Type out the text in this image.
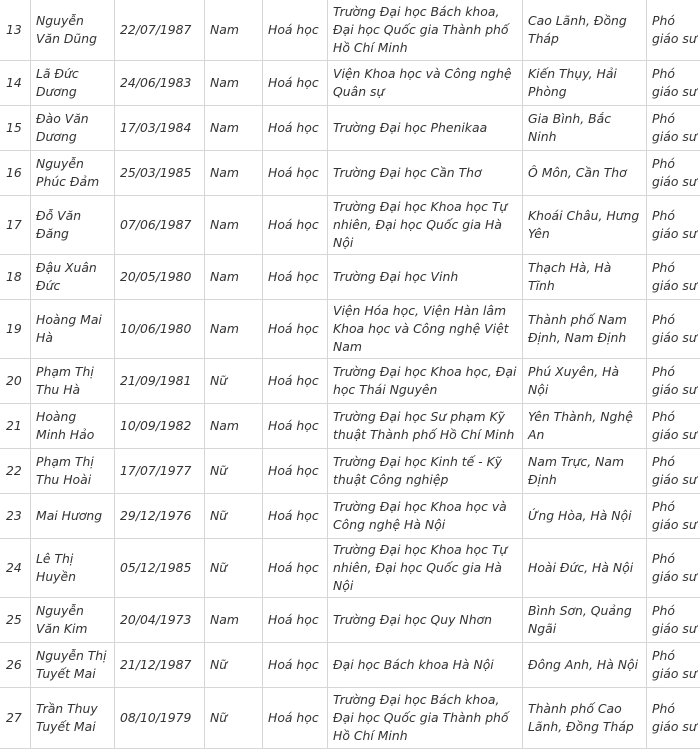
13	Nguyễn Văn Dũng	22/07/1987	Nam	Hoá học	Trường Đại học Bách khoa, Đại học Quốc gia Thành phố Hồ Chí Minh	Cao Lãnh, Đồng Tháp	Phó giáo sư
14	Lã Đức Dương	24/06/1983	Nam	Hoá học	Viện Khoa học và Công nghệ Quân sự	Kiến Thụy, Hải Phòng	Phó giáo sư
15	Đào Văn Dương	17/03/1984	Nam	Hoá học	Trường Đại học Phenikaa	Gia Bình, Bắc Ninh	Phó giáo sư
16	Nguyễn Phúc Đảm	25/03/1985	Nam	Hoá học	Trường Đại học Cần Thơ	Ô Môn, Cần Thơ	Phó giáo sư
17	Đỗ Văn Đăng	07/06/1987	Nam	Hoá học	Trường Đại học Khoa học Tự nhiên, Đại học Quốc gia Hà Nội	Khoái Châu, Hưng Yên	Phó giáo sư
18	Đậu Xuân Đức	20/05/1980	Nam	Hoá học	Trường Đại học Vinh	Thạch Hà, Hà Tĩnh	Phó giáo sư
19	Hoàng Mai Hà	10/06/1980	Nam	Hoá học	Viện Hóa học, Viện Hàn lâm Khoa học và Công nghệ Việt Nam	Thành phố Nam Định, Nam Định	Phó giáo sư
20	Phạm Thị Thu Hà	21/09/1981	Nữ	Hoá học	Trường Đại học Khoa học, Đại học Thái Nguyên	Phú Xuyên, Hà Nội	Phó giáo sư
21	Hoàng Minh Hảo	10/09/1982	Nam	Hoá học	Trường Đại học Sư phạm Kỹ thuật Thành phố Hồ Chí Minh	Yên Thành, Nghệ An	Phó giáo sư
22	Phạm Thị Thu Hoài	17/07/1977	Nữ	Hoá học	Trường Đại học Kinh tế - Kỹ thuật Công nghiệp	Nam Trực, Nam Định	Phó giáo sư
23	Mai Hương	29/12/1976	Nữ	Hoá học	Trường Đại học Khoa học và Công nghệ Hà Nội	Ứng Hòa, Hà Nội	Phó giáo sư
24	Lê Thị Huyền	05/12/1985	Nữ	Hoá học	Trường Đại học Khoa học Tự nhiên, Đại học Quốc gia Hà Nội	Hoài Đức, Hà Nội	Phó giáo sư
25	Nguyễn Văn Kim	20/04/1973	Nam	Hoá học	Trường Đại học Quy Nhơn	Bình Sơn, Quảng Ngãi	Phó giáo sư
26	Nguyễn Thị Tuyết Mai	21/12/1987	Nữ	Hoá học	Đại học Bách khoa Hà Nội	Đông Anh, Hà Nội	Phó giáo sư
27	Trần Thuy Tuyết Mai	08/10/1979	Nữ	Hoá học	Trường Đại học Bách khoa, Đại học Quốc gia Thành phố Hồ Chí Minh	Thành phố Cao Lãnh, Đồng Tháp	Phó giáo sư
